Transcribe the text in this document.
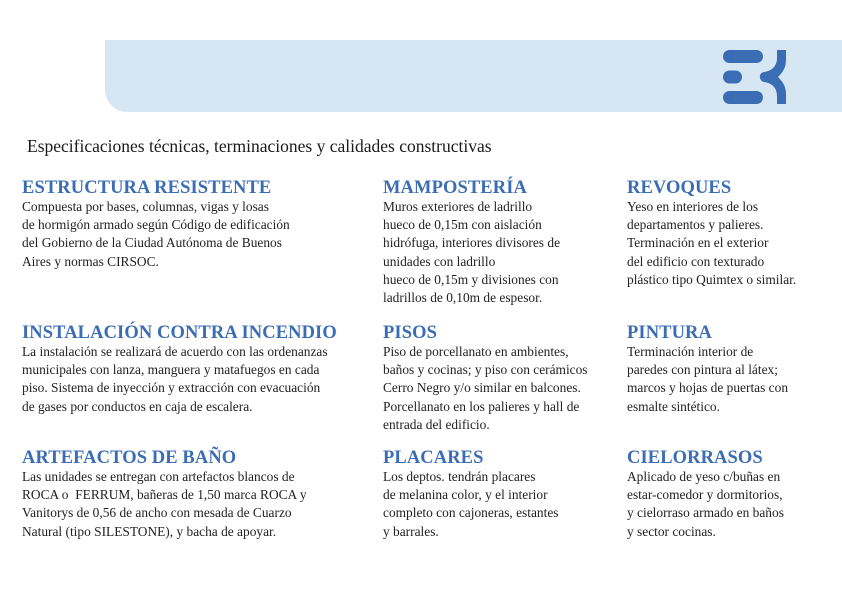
Especificaciones técnicas, terminaciones y calidades constructivas
ESTRUCTURA RESISTENTE
Compuesta por bases, columnas, vigas y losas
de hormigón armado según Código de edificación
del Gobierno de la Ciudad Autónoma de Buenos
Aires y normas CIRSOC.
MAMPOSTERÍA
Muros exteriores de ladrillo
hueco de 0,15m con aislación
hidrófuga, interiores divisores de
unidades con ladrillo
hueco de 0,15m y divisiones con
ladrillos de 0,10m de espesor.
REVOQUES
Yeso en interiores de los
departamentos y palieres.
Terminación en el exterior
del edificio con texturado
plástico tipo Quimtex o similar.
INSTALACIÓN CONTRA INCENDIO
La instalación se realizará de acuerdo con las ordenanzas
municipales con lanza, manguera y matafuegos en cada
piso. Sistema de inyección y extracción con evacuación
de gases por conductos en caja de escalera.
PISOS
Piso de porcellanato en ambientes,
baños y cocinas; y piso con cerámicos
Cerro Negro y/o similar en balcones.
Porcellanato en los palieres y hall de
entrada del edificio.
PINTURA
Terminación interior de
paredes con pintura al látex;
marcos y hojas de puertas con
esmalte sintético.
ARTEFACTOS DE BAÑO
Las unidades se entregan con artefactos blancos de
ROCA o  FERRUM, bañeras de 1,50 marca ROCA y
Vanitorys de 0,56 de ancho con mesada de Cuarzo
Natural (tipo SILESTONE), y bacha de apoyar.
PLACARES
Los deptos. tendrán placares
de melanina color, y el interior
completo con cajoneras, estantes
y barrales.
CIELORRASOS
Aplicado de yeso c/buñas en
estar-comedor y dormitorios,
y cielorraso armado en baños
y sector cocinas.
